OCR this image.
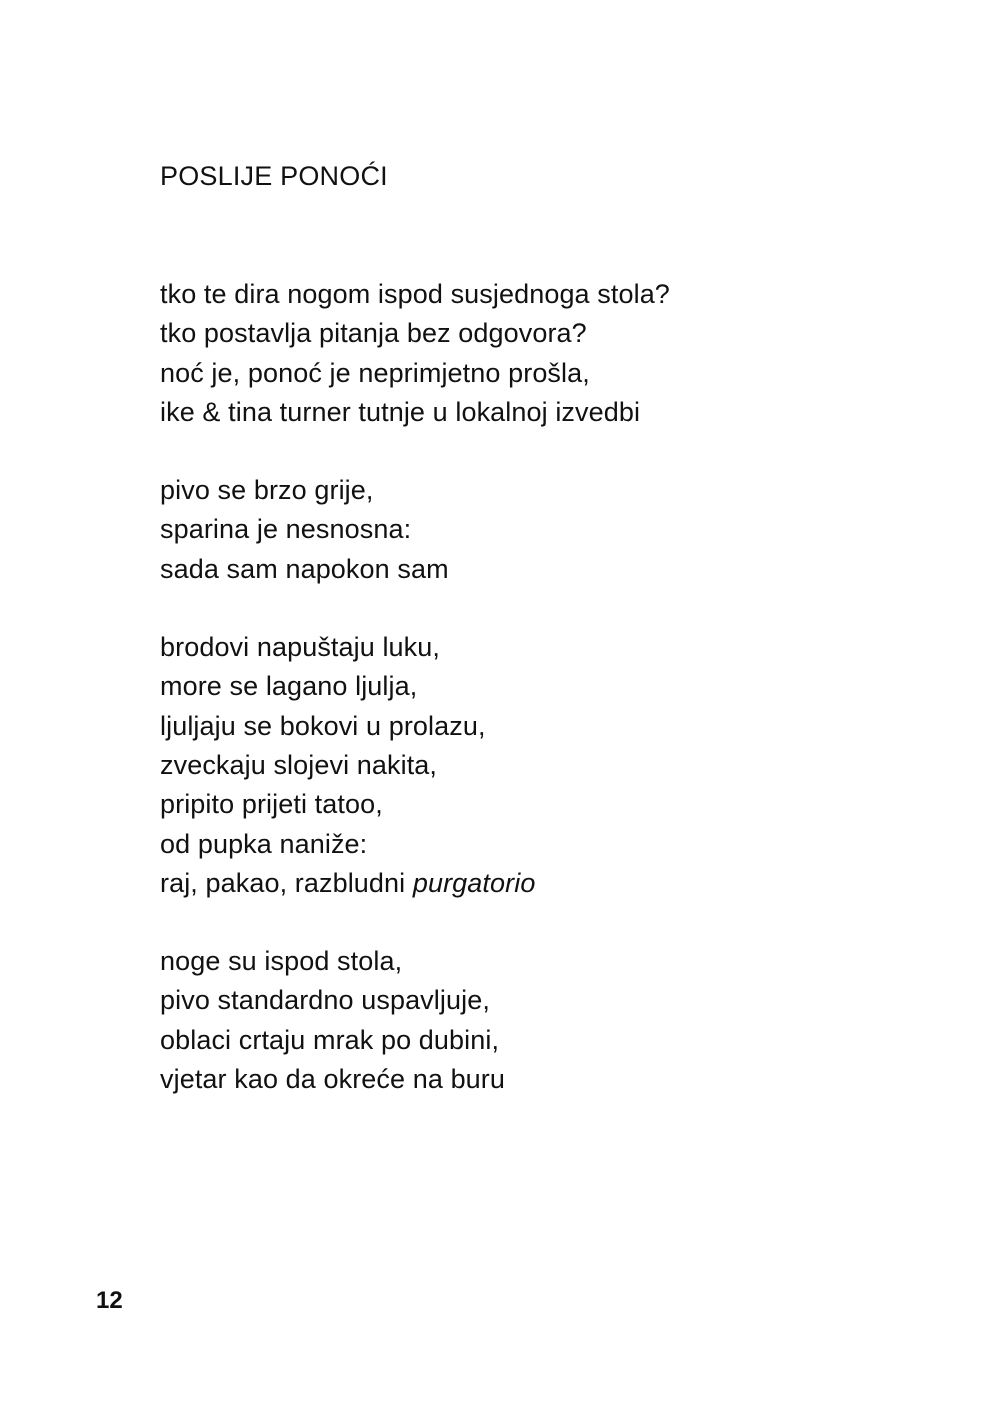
POSLIJE PONOĆI
tko te dira nogom ispod susjednoga stola?
tko postavlja pitanja bez odgovora?
noć je, ponoć je neprimjetno prošla,
ike & tina turner tutnje u lokalnoj izvedbi
pivo se brzo grije,
sparina je nesnosna:
sada sam napokon sam
brodovi napuštaju luku,
more se lagano ljulja,
ljuljaju se bokovi u prolazu,
zveckaju slojevi nakita,
pripito prijeti tatoo,
od pupka naniže:
raj, pakao, razbludni purgatorio
noge su ispod stola,
pivo standardno uspavljuje,
oblaci crtaju mrak po dubini,
vjetar kao da okreće na buru
12
